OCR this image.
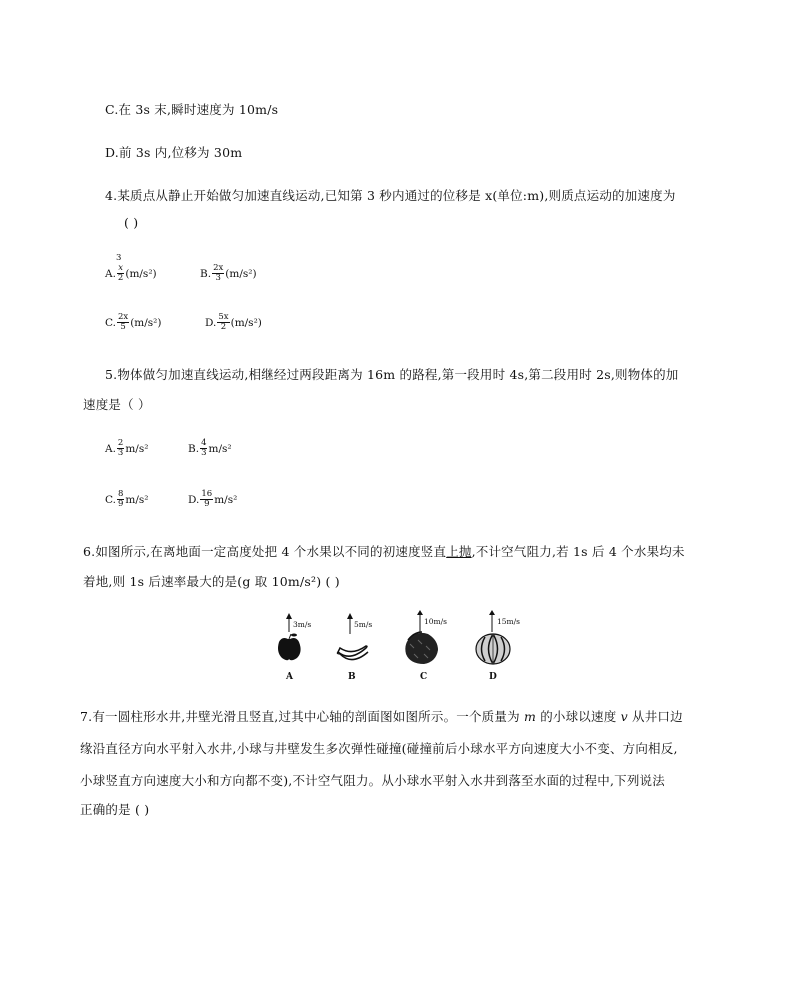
C.在 3s 末,瞬时速度为 10m/s
D.前 3s 内,位移为 30m
4.某质点从静止开始做匀加速直线运动,已知第 3 秒内通过的位移是 x(单位:m),则质点运动的加速度为
( )
3
A. $\frac{x}{2} (m/s^2)$	B. $\frac{2x}{3} (m/s^2)$
C. $\frac{2x}{5} (m/s^2)$	D. $\frac{5x}{2} (m/s^2)$
5.物体做匀加速直线运动,相继经过两段距离为 16m 的路程,第一段用时 4s,第二段用时 2s,则物体的加
速度是（ ）
A. $\frac{2}{3} m/s^2$	B. $\frac{4}{3} m/s^2$
C. $\frac{8}{9} m/s^2$	D. $\frac{16}{9} m/s^2$
6.如图所示,在离地面一定高度处把 4 个水果以不同的初速度竖直上抛,不计空气阻力,若 1s 后 4 个水果均未
着地,则 1s 后速率最大的是(g 取 10m/s²) ( )
3m/s
A
5m/s
B
10m/s
C
15m/s
D
7.有一圆柱形水井,井壁光滑且竖直,过其中心轴的剖面图如图所示。一个质量为 m 的小球以速度 v 从井口边
缘沿直径方向水平射入水井,小球与井壁发生多次弹性碰撞(碰撞前后小球水平方向速度大小不变、方向相反,
小球竖直方向速度大小和方向都不变),不计空气阻力。从小球水平射入水井到落至水面的过程中,下列说法
正确的是 ( )
